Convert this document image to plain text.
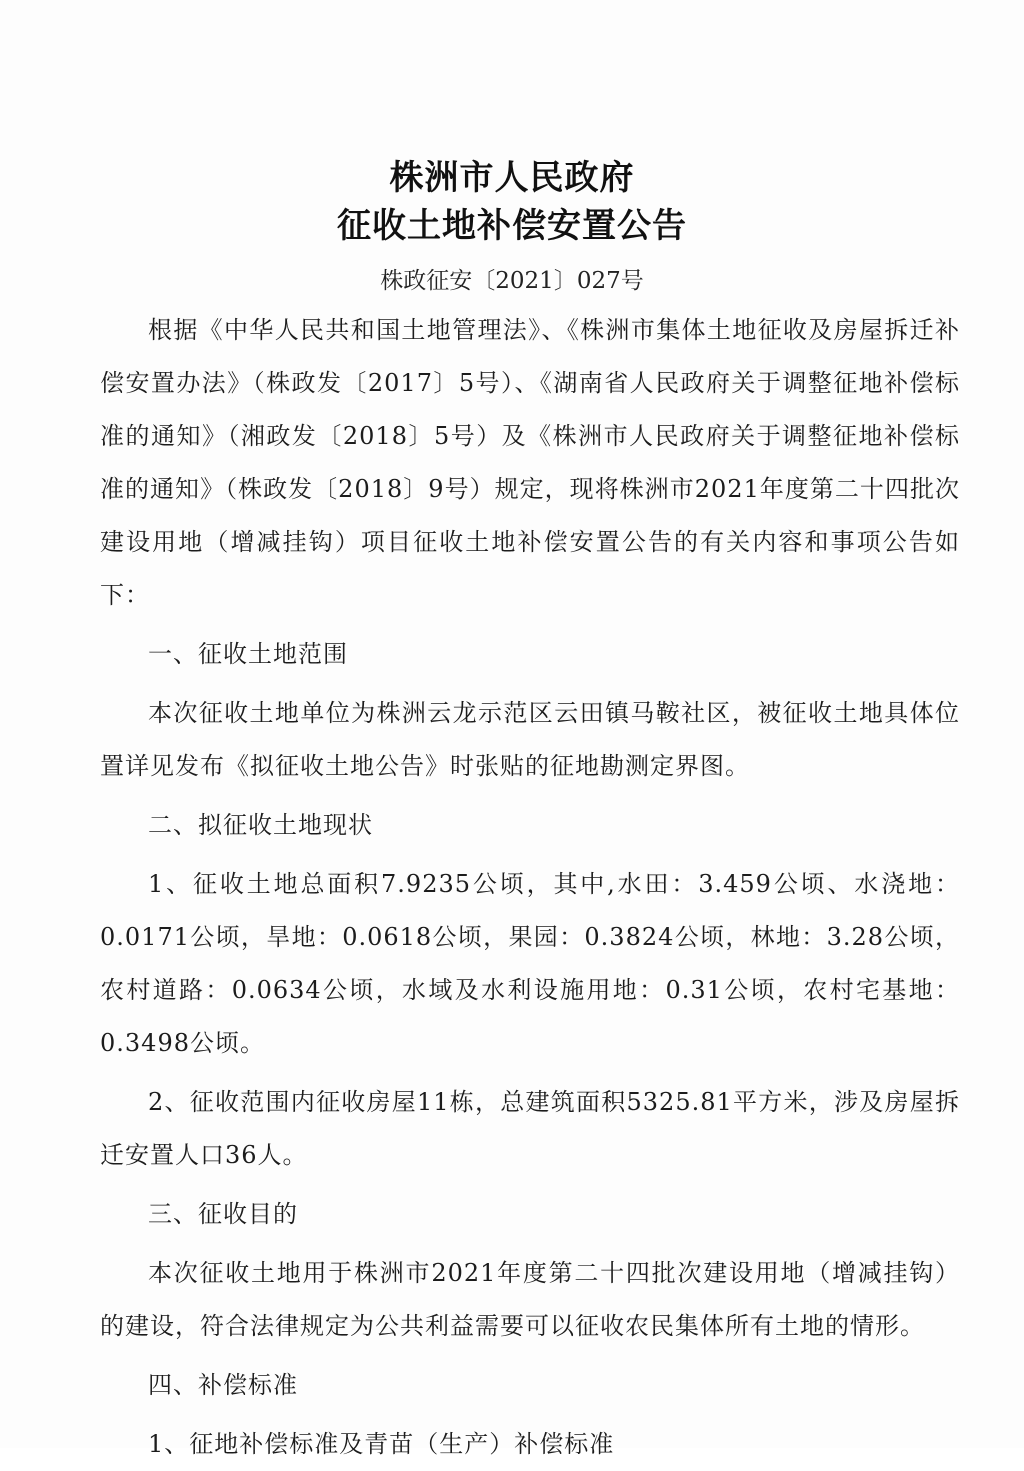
株洲市人民政府
征收土地补偿安置公告
株政征安〔2021〕027号

根据《中华人民共和国土地管理法》、《株洲市集体土地征收及房屋拆迁补偿安置办法》（株政发〔2017〕5号）、《湖南省人民政府关于调整征地补偿标准的通知》（湘政发〔2018〕5号）及《株洲市人民政府关于调整征地补偿标准的通知》（株政发〔2018〕9号）规定，现将株洲市2021年度第二十四批次建设用地（增减挂钩）项目征收土地补偿安置公告的有关内容和事项公告如下：

一、征收土地范围

本次征收土地单位为株洲云龙示范区云田镇马鞍社区，被征收土地具体位置详见发布《拟征收土地公告》时张贴的征地勘测定界图。

二、拟征收土地现状

1、征收土地总面积7.9235公顷，其中,水田：3.459公顷、水浇地：0.0171公顷，旱地：0.0618公顷，果园：0.3824公顷，林地：3.28公顷，农村道路：0.0634公顷，水域及水利设施用地：0.31公顷，农村宅基地：0.3498公顷。

2、征收范围内征收房屋11栋，总建筑面积5325.81平方米，涉及房屋拆迁安置人口36人。

三、征收目的

本次征收土地用于株洲市2021年度第二十四批次建设用地（增减挂钩）的建设，符合法律规定为公共利益需要可以征收农民集体所有土地的情形。

四、补偿标准

1、征地补偿标准及青苗（生产）补偿标准
